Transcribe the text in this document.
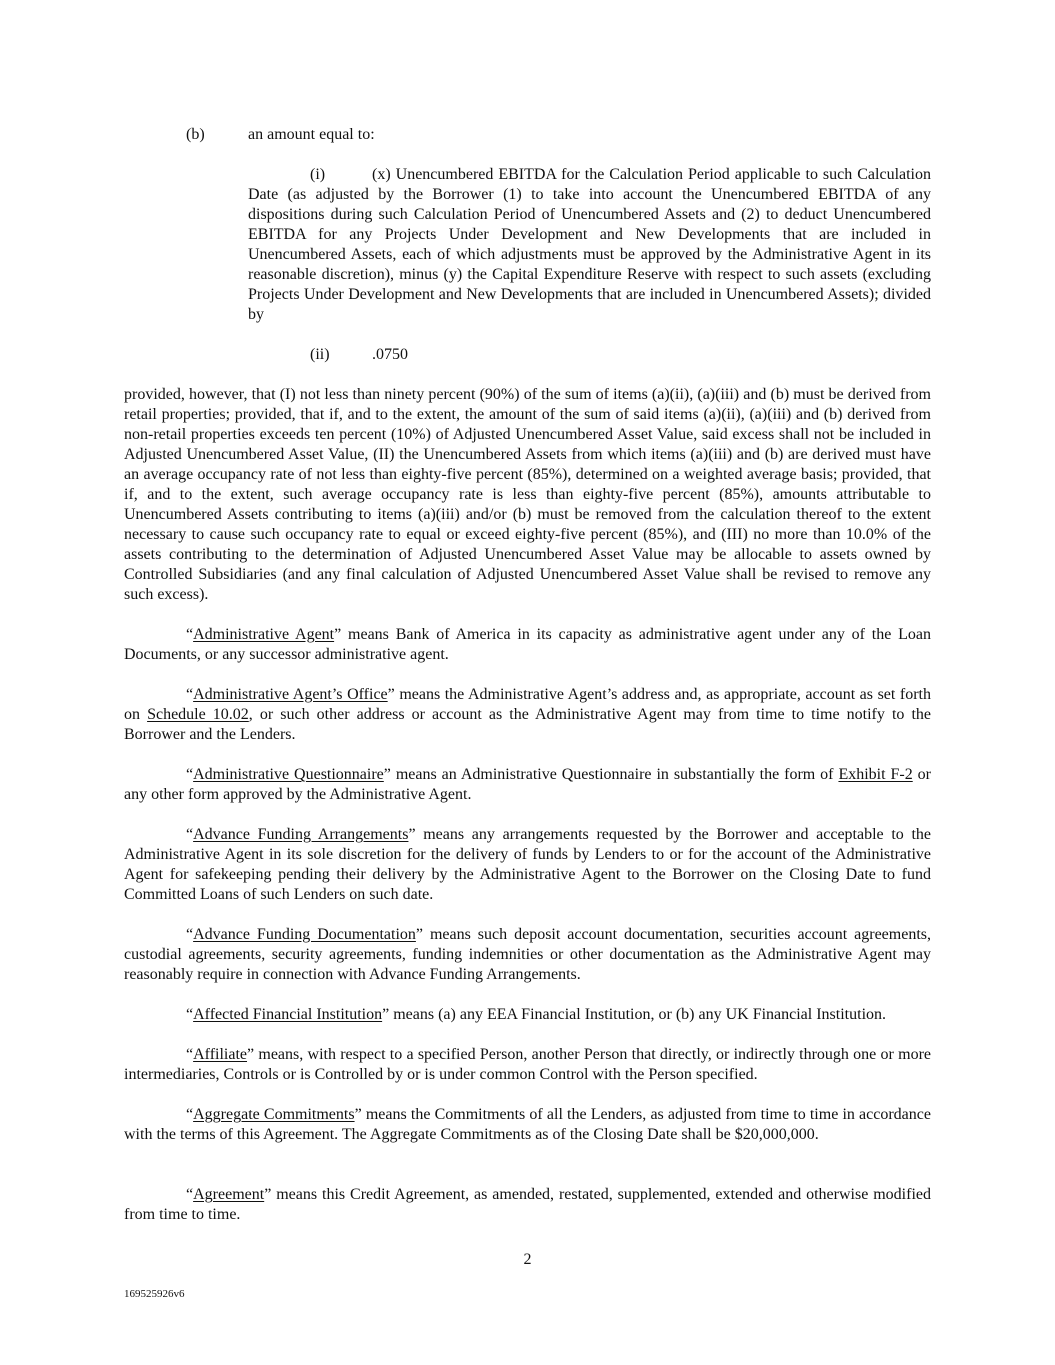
(b)	an amount equal to:

(i)	(x) Unencumbered EBITDA for the Calculation Period applicable to such Calculation Date (as adjusted by the Borrower (1) to take into account the Unencumbered EBITDA of any dispositions during such Calculation Period of Unencumbered Assets and (2) to deduct Unencumbered EBITDA for any Projects Under Development and New Developments that are included in Unencumbered Assets, each of which adjustments must be approved by the Administrative Agent in its reasonable discretion), minus (y) the Capital Expenditure Reserve with respect to such assets (excluding Projects Under Development and New Developments that are included in Unencumbered Assets); divided by

(ii)	.0750

provided, however, that (I) not less than ninety percent (90%) of the sum of items (a)(ii), (a)(iii) and (b) must be derived from retail properties; provided, that if, and to the extent, the amount of the sum of said items (a)(ii), (a)(iii) and (b) derived from non-retail properties exceeds ten percent (10%) of Adjusted Unencumbered Asset Value, said excess shall not be included in Adjusted Unencumbered Asset Value, (II) the Unencumbered Assets from which items (a)(iii) and (b) are derived must have an average occupancy rate of not less than eighty-five percent (85%), determined on a weighted average basis; provided, that if, and to the extent, such average occupancy rate is less than eighty-five percent (85%), amounts attributable to Unencumbered Assets contributing to items (a)(iii) and/or (b) must be removed from the calculation thereof to the extent necessary to cause such occupancy rate to equal or exceed eighty-five percent (85%), and (III) no more than 10.0% of the assets contributing to the determination of Adjusted Unencumbered Asset Value may be allocable to assets owned by Controlled Subsidiaries (and any final calculation of Adjusted Unencumbered Asset Value shall be revised to remove any such excess).

“Administrative Agent” means Bank of America in its capacity as administrative agent under any of the Loan Documents, or any successor administrative agent.

“Administrative Agent’s Office” means the Administrative Agent’s address and, as appropriate, account as set forth on Schedule 10.02, or such other address or account as the Administrative Agent may from time to time notify to the Borrower and the Lenders.

“Administrative Questionnaire” means an Administrative Questionnaire in substantially the form of Exhibit F-2 or any other form approved by the Administrative Agent.

“Advance Funding Arrangements” means any arrangements requested by the Borrower and acceptable to the Administrative Agent in its sole discretion for the delivery of funds by Lenders to or for the account of the Administrative Agent for safekeeping pending their delivery by the Administrative Agent to the Borrower on the Closing Date to fund Committed Loans of such Lenders on such date.

“Advance Funding Documentation” means such deposit account documentation, securities account agreements, custodial agreements, security agreements, funding indemnities or other documentation as the Administrative Agent may reasonably require in connection with Advance Funding Arrangements.

“Affected Financial Institution” means (a) any EEA Financial Institution, or (b) any UK Financial Institution.

“Affiliate” means, with respect to a specified Person, another Person that directly, or indirectly through one or more intermediaries, Controls or is Controlled by or is under common Control with the Person specified.

“Aggregate Commitments” means the Commitments of all the Lenders, as adjusted from time to time in accordance with the terms of this Agreement. The Aggregate Commitments as of the Closing Date shall be $20,000,000.

“Agreement” means this Credit Agreement, as amended, restated, supplemented, extended and otherwise modified from time to time.

2
169525926v6
